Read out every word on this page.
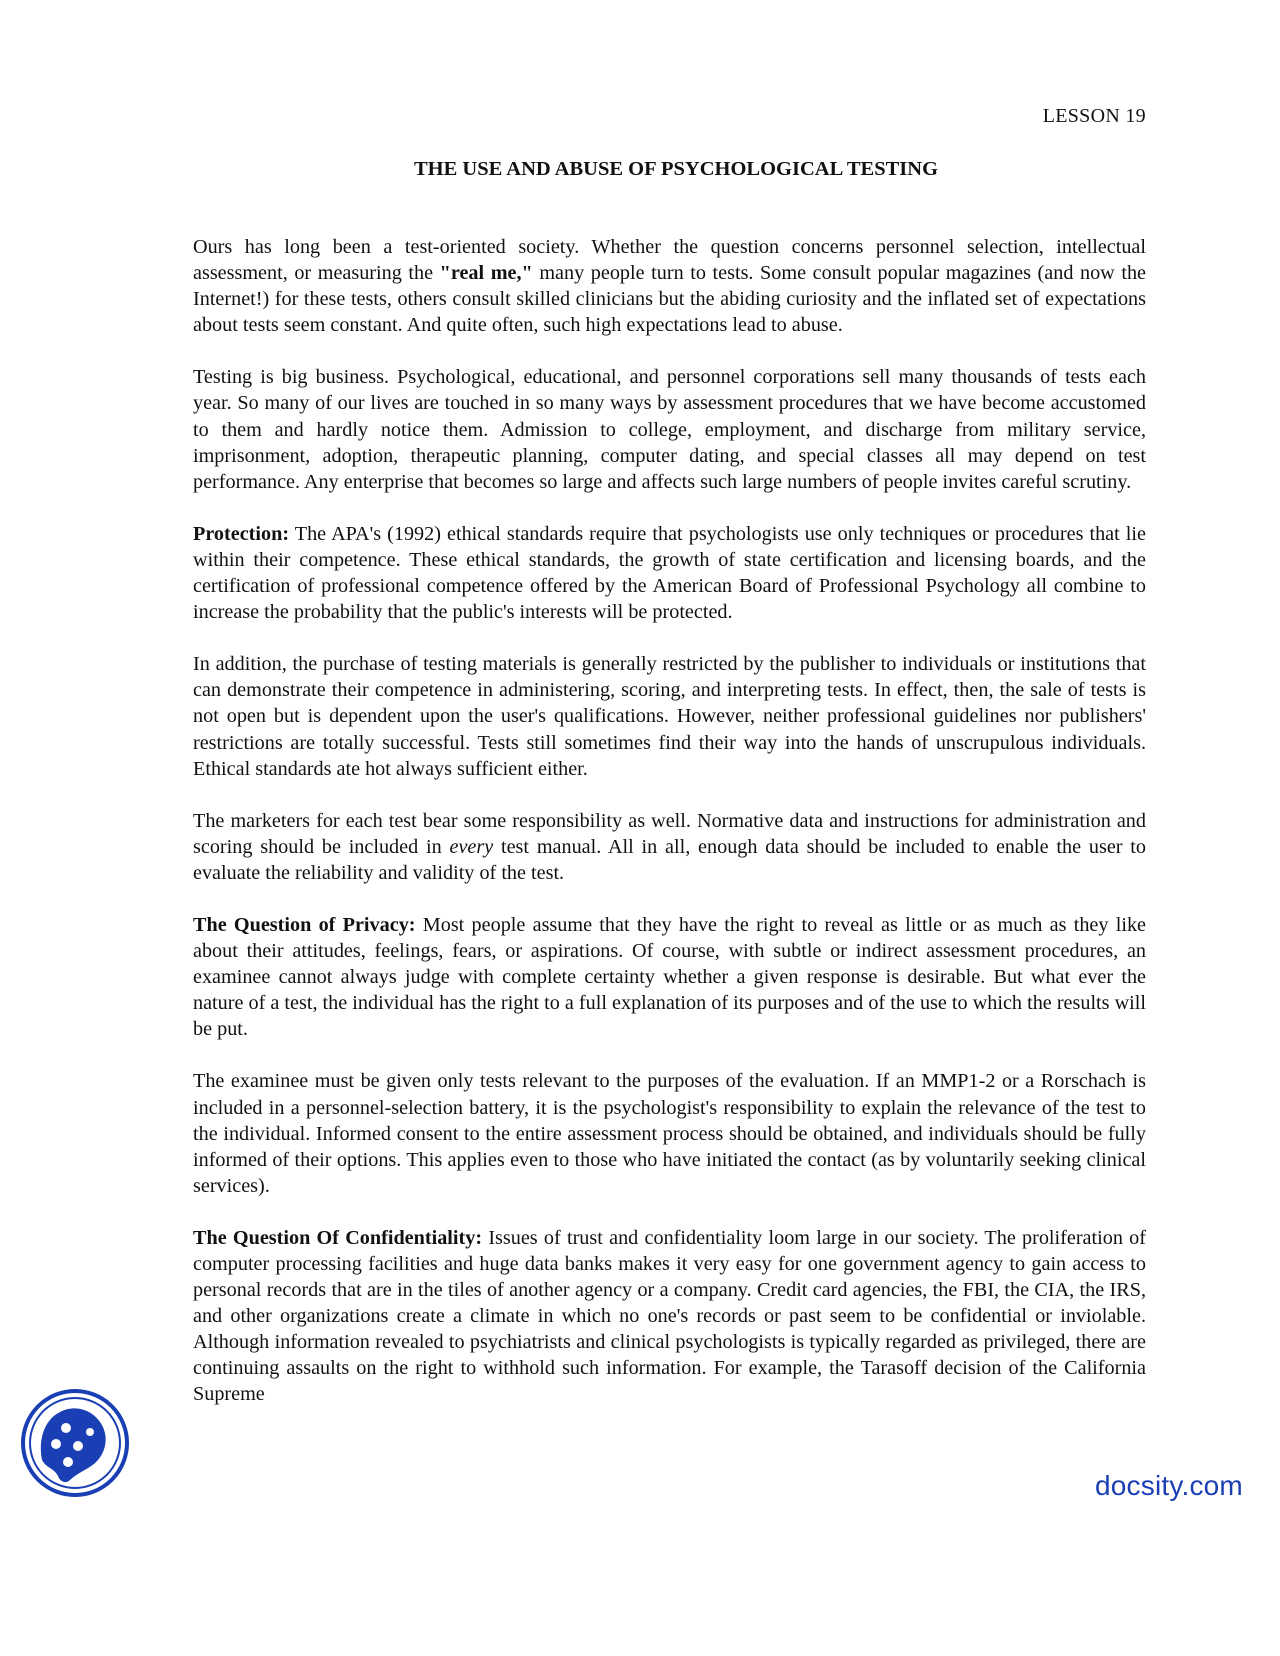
LESSON 19
THE USE AND ABUSE OF PSYCHOLOGICAL TESTING

Ours has long been a test-oriented society. Whether the question concerns personnel selection, intellectual assessment, or measuring the "real me," many people turn to tests. Some consult popular magazines (and now the Internet!) for these tests, others consult skilled clinicians but the abiding curiosity and the inflated set of expectations about tests seem constant. And quite often, such high expectations lead to abuse.

Testing is big business. Psychological, educational, and personnel corporations sell many thousands of tests each year. So many of our lives are touched in so many ways by assessment procedures that we have become accustomed to them and hardly notice them. Admission to college, employment, and discharge from military service, imprisonment, adoption, therapeutic planning, computer dating, and special classes all may depend on test performance. Any enterprise that becomes so large and affects such large numbers of people invites careful scrutiny.

Protection: The APA's (1992) ethical standards require that psychologists use only techniques or procedures that lie within their competence. These ethical standards, the growth of state certification and licensing boards, and the certification of professional competence offered by the American Board of Professional Psychology all combine to increase the probability that the public's interests will be protected.

In addition, the purchase of testing materials is generally restricted by the publisher to individuals or institutions that can demonstrate their competence in administering, scoring, and interpreting tests. In effect, then, the sale of tests is not open but is dependent upon the user's qualifications. However, neither professional guidelines nor publishers' restrictions are totally successful. Tests still sometimes find their way into the hands of unscrupulous individuals. Ethical standards ate hot always sufficient either.

The marketers for each test bear some responsibility as well. Normative data and instructions for administration and scoring should be included in every test manual. All in all, enough data should be included to enable the user to evaluate the reliability and validity of the test.

The Question of Privacy: Most people assume that they have the right to reveal as little or as much as they like about their attitudes, feelings, fears, or aspirations. Of course, with subtle or indirect assessment procedures, an examinee cannot always judge with complete certainty whether a given response is desirable. But what ever the nature of a test, the individual has the right to a full explanation of its purposes and of the use to which the results will be put.

The examinee must be given only tests relevant to the purposes of the evaluation. If an MMP1-2 or a Rorschach is included in a personnel-selection battery, it is the psychologist's responsibility to explain the relevance of the test to the individual. Informed consent to the entire assessment process should be obtained, and individuals should be fully informed of their options. This applies even to those who have initiated the contact (as by voluntarily seeking clinical services).

The Question Of Confidentiality: Issues of trust and confidentiality loom large in our society. The proliferation of computer processing facilities and huge data banks makes it very easy for one government agency to gain access to personal records that are in the tiles of another agency or a company. Credit card agencies, the FBI, the CIA, the IRS, and other organizations create a climate in which no one's records or past seem to be confidential or inviolable. Although information revealed to psychiatrists and clinical psychologists is typically regarded as privileged, there are continuing assaults on the right to withhold such information. For example, the Tarasoff decision of the California Supreme

docsity.com
